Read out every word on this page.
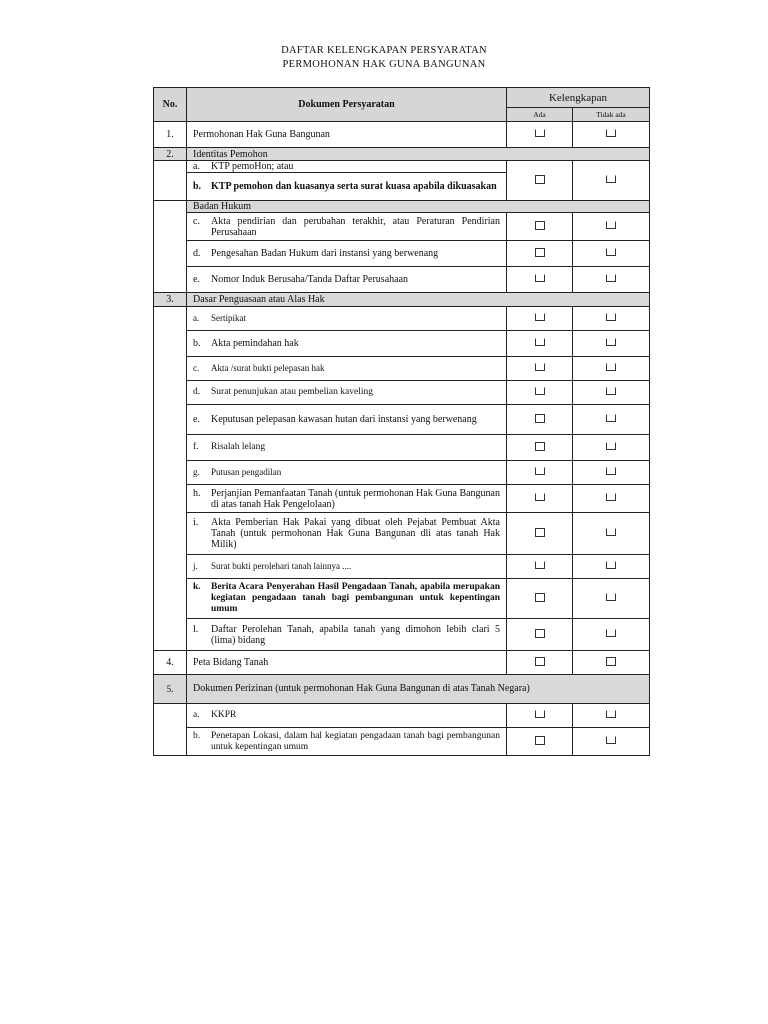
DAFTAR KELENGKAPAN PERSYARATAN
PERMOHONAN HAK GUNA BANGUNAN
No.	Dokumen Persyaratan	Kelengkapan	
		Ada	Tidak ada
1.	Permohonan Hak Guna Bangunan		
2.	Identitas Pemohon		

	a. KTP pemoHon; atau		

	b. KTP pemohon dan kuasanya serta surat kuasa apabila dikuasakan		

	Badan Hukum		

	c. Akta pendirian dan perubahan terakhir, atau Peraturan Pendirian Perusahaan		

	d. Pengesahan Badan Hukum dari instansi yang berwenang		

	e. Nomor Induk Berusaha/Tanda Daftar Perusahaan		

3.	Dasar Penguasaan atau Alas Hak		

	a. Sertipikat		

	b. Akta pemindahan hak		

	c. Akta /surat bukti pelepasan hak		

	d. Surat penunjukan atau pembelian kaveling		

	e. Keputusan pelepasan kawasan hutan dari instansi yang berwenang		

	f. Risalah lelang		

	g. Putusan pengadilan		

	h. Perjanjian Pemanfaatan Tanah (untuk permohonan Hak Guna Bangunan di atas tanah Hak Pengelolaan)		

	i. Akta Pemberian Hak Pakai yang dibuat oleh Pejabat Pembuat Akta Tanah (untuk permohonan Hak Guna Bangunan dli atas tanah Hak Milik)		

	j. Surat bukti perolehari tanah lainnya ....		

	k. Berita Acara Penyerahan Hasil Pengadaan Tanah, apabila merupakan kegiatan pengadaan tanah bagi pembangunan untuk kepentingan umum		

	l. Daftar Perolehan Tanah, apabila tanah yang dimohon lebih clari 5 (lima) bidang		

4.	Peta Bidang Tanah		
5.	Dokumen Perizinan (untuk permohonan Hak Guna Bangunan di atas Tanah Negara)		

	a. KKPR		

	b. Penetapan Lokasi, dalam hal kegiatan pengadaan tanah bagi pembangunan untuk kepentingan umum		
